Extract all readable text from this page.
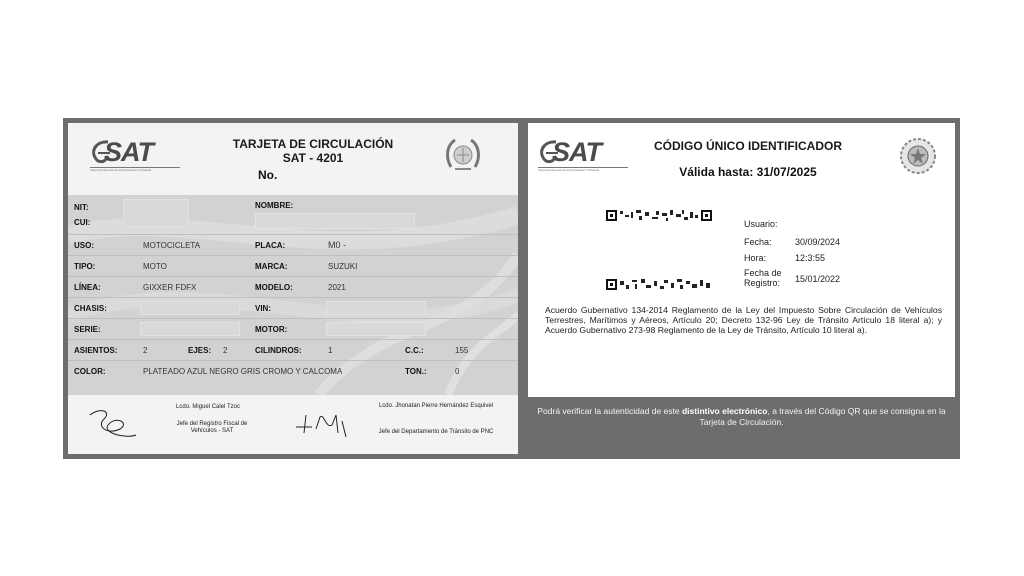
SAT
Superintendencia de Administración Tributaria
TARJETA DE CIRCULACIÓN
SAT - 4201
No.
NIT:
CUI:
NOMBRE:
USO:	MOTOCICLETA	PLACA:	M0 -
TIPO:	MOTO	MARCA:	SUZUKI
LÍNEA:	GIXXER FDFX	MODELO:	2021
CHASIS:	VIN:
SERIE:	MOTOR:
ASIENTOS:	2	EJES: 2	CILINDROS:	1	C.C.:	155
COLOR:	PLATEADO AZUL NEGRO GRIS CROMO Y CALCOMA	TON.:	0
Lcdo. Miguel Calel Tzoc
Jefe del Registro Fiscal de Vehículos - SAT
Lcdo. Jhonatan Pierre Hernández Esquivel
Jefe del Departamento de Tránsito de PNC
SAT
Superintendencia de Administración Tributaria
CÓDIGO ÚNICO IDENTIFICADOR
Válida hasta: 31/07/2025
Usuario:
Fecha:	30/09/2024
Hora:	12:3:55
Fecha de
Registro: 15/01/2022
Acuerdo Gubernativo 134-2014 Reglamento de la Ley del Impuesto Sobre Circulación de Vehículos Terrestres, Marítimos y Aéreos, Artículo 20; Decreto 132-96 Ley de Tránsito Artículo 18 literal a); y Acuerdo Gubernativo 273-98 Reglamento de la Ley de Tránsito, Artículo 10 literal a).
Podrá verificar la autenticidad de este distintivo electrónico, a través del Código QR que se consigna en la Tarjeta de Circulación.
